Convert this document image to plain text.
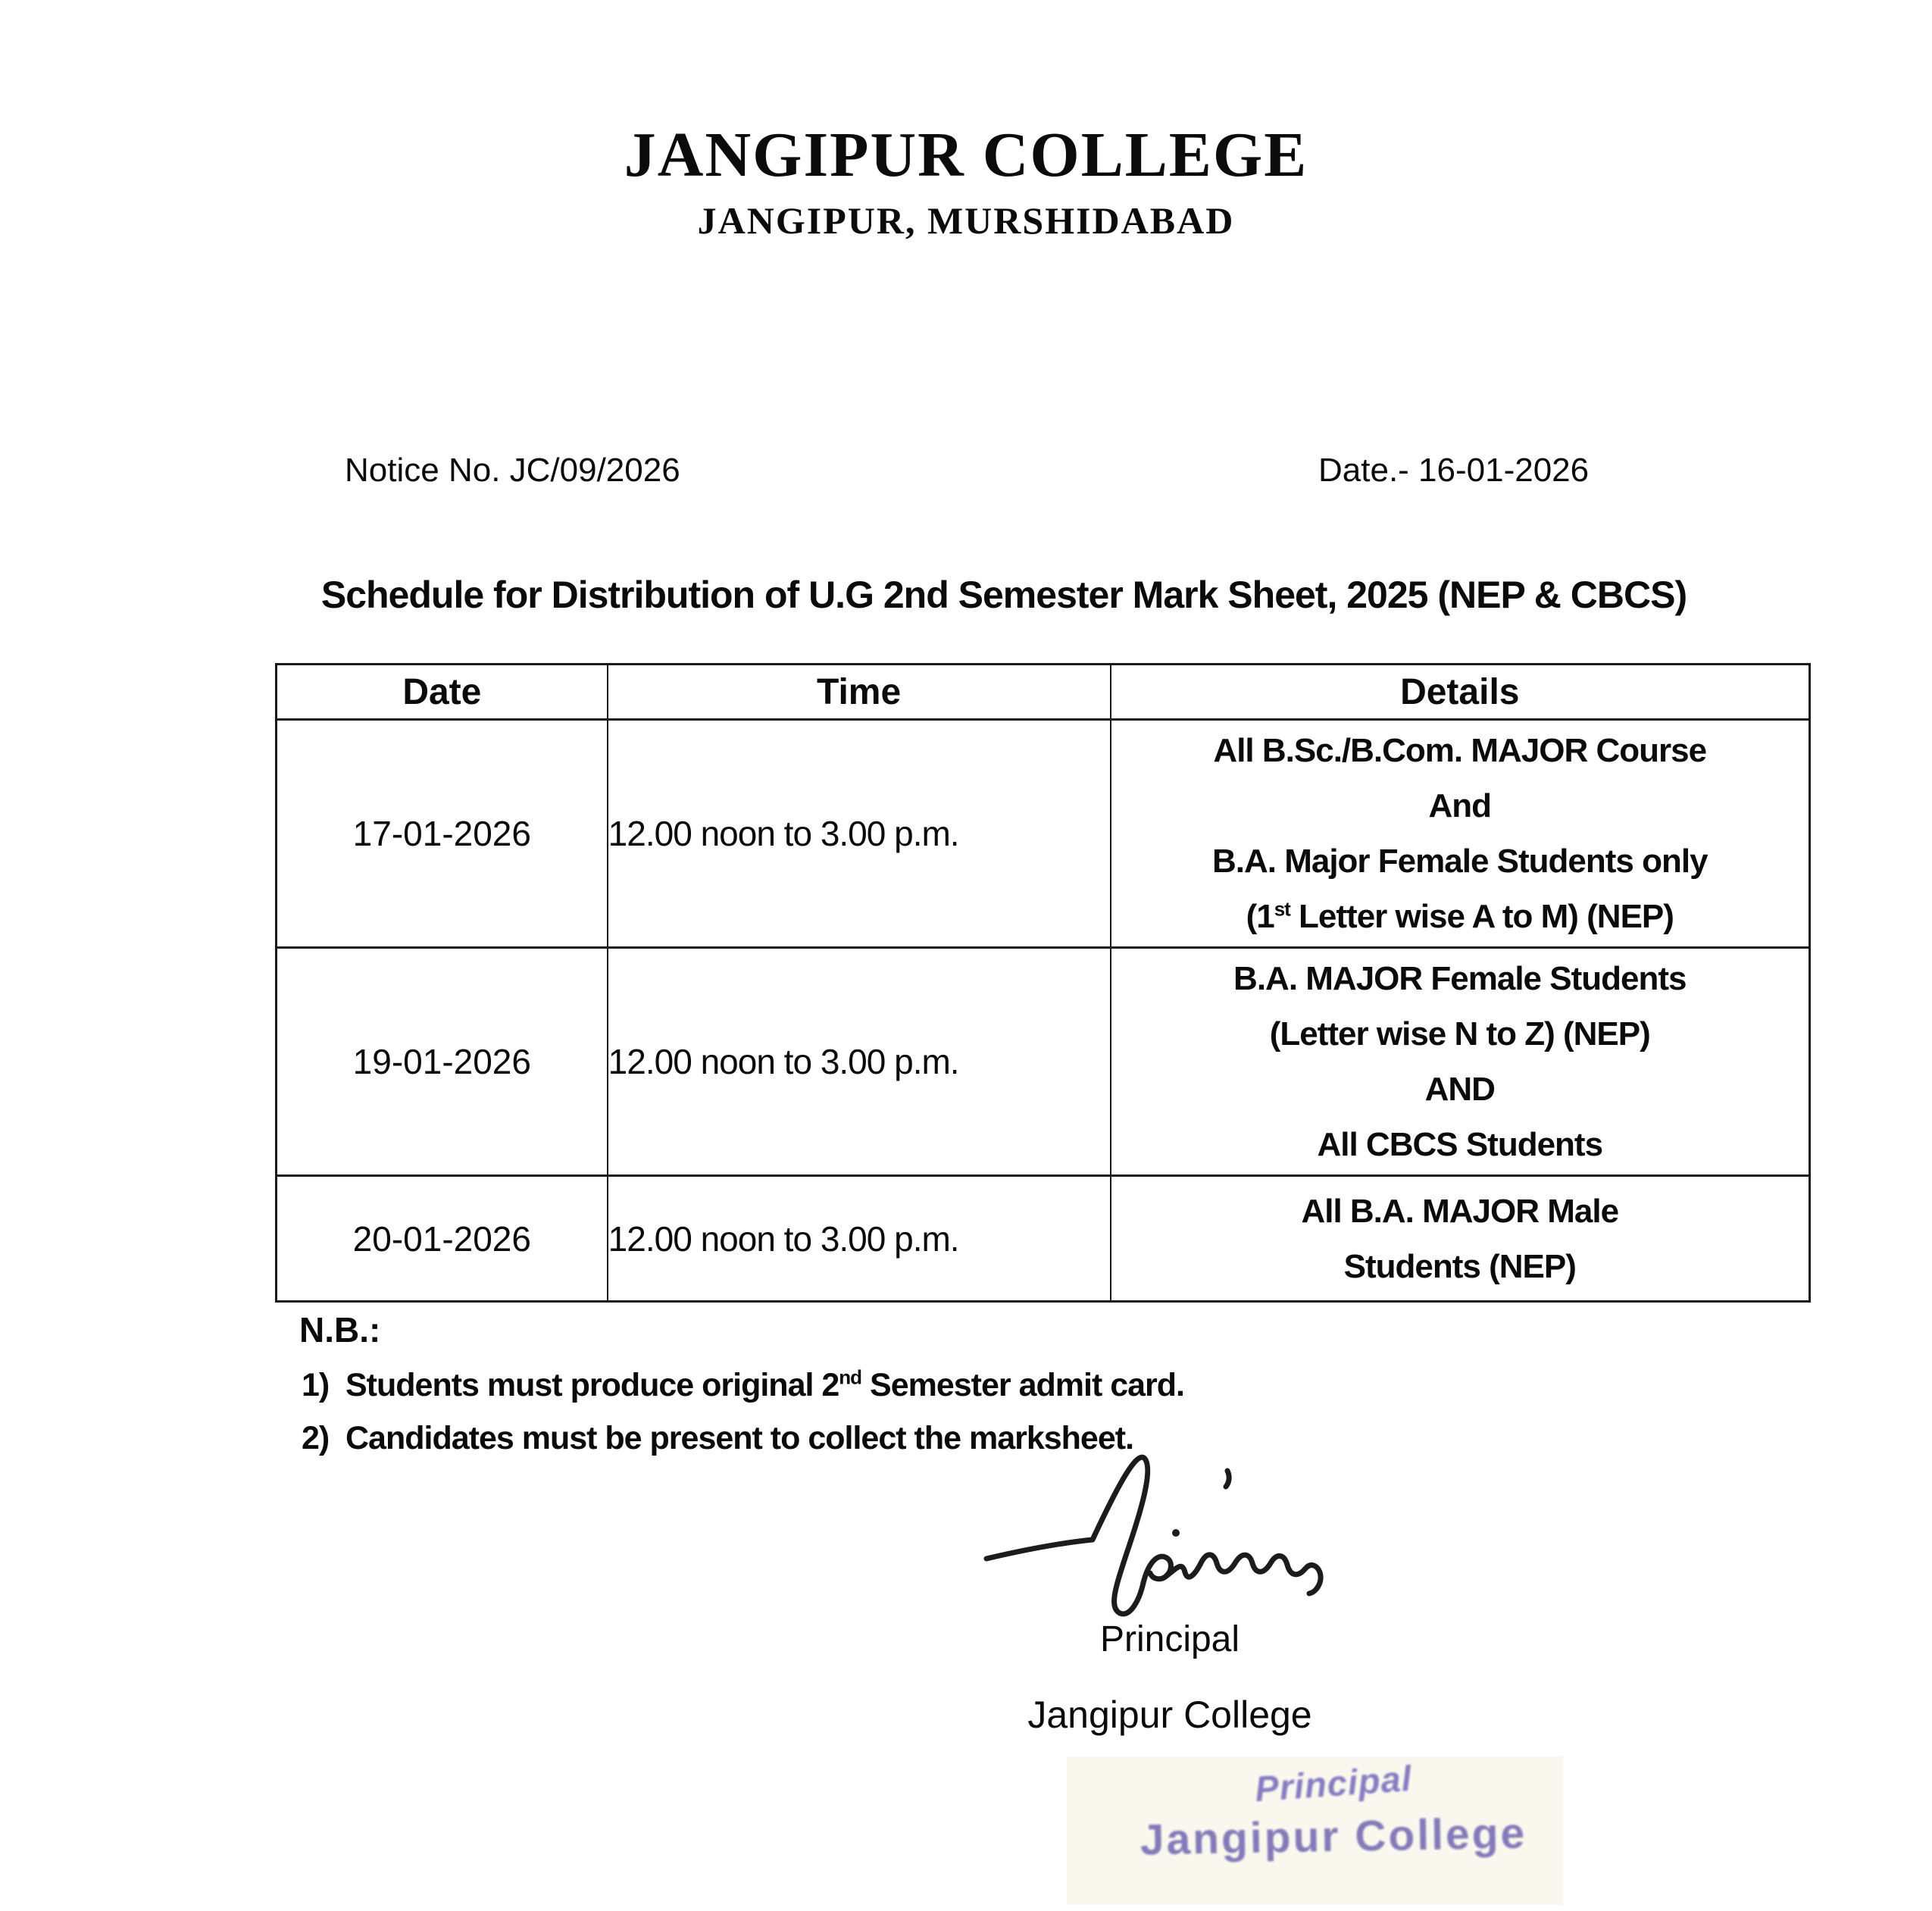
JANGIPUR COLLEGE
JANGIPUR, MURSHIDABAD
Notice No. JC/09/2026	Date.- 16-01-2026
Schedule for Distribution of U.G 2nd Semester Mark Sheet, 2025 (NEP & CBCS)
Date	Time	Details
17-01-2026	12.00 noon to 3.00 p.m.	All B.Sc./B.Com. MAJOR Course
And
B.A. Major Female Students only
(1st Letter wise A to M) (NEP)

19-01-2026	12.00 noon to 3.00 p.m.	B.A. MAJOR Female Students
(Letter wise N to Z) (NEP)
AND
All CBCS Students

20-01-2026	12.00 noon to 3.00 p.m.	All B.A. MAJOR Male
Students (NEP)
N.B.:
1) Students must produce original 2nd Semester admit card.
2) Candidates must be present to collect the marksheet.
Principal
Jangipur College
Principal
Jangipur College
